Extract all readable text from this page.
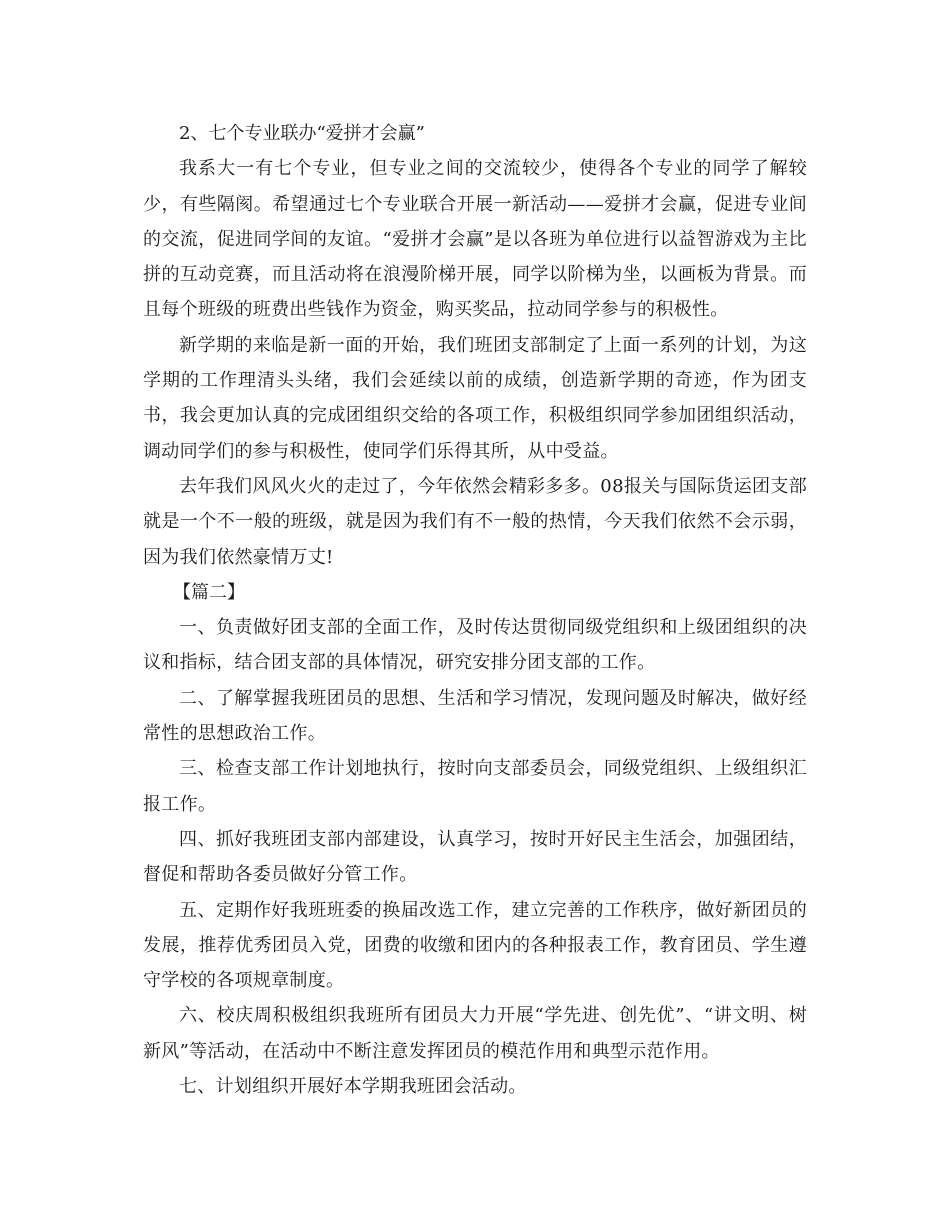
2、七个专业联办“爱拼才会赢”

我系大一有七个专业，但专业之间的交流较少，使得各个专业的同学了解较少，有些隔阂。希望通过七个专业联合开展一新活动——爱拼才会赢，促进专业间的交流，促进同学间的友谊。“爱拼才会赢”是以各班为单位进行以益智游戏为主比拼的互动竞赛，而且活动将在浪漫阶梯开展，同学以阶梯为坐，以画板为背景。而且每个班级的班费出些钱作为资金，购买奖品，拉动同学参与的积极性。

新学期的来临是新一面的开始，我们班团支部制定了上面一系列的计划，为这学期的工作理清头头绪，我们会延续以前的成绩，创造新学期的奇迹，作为团支书，我会更加认真的完成团组织交给的各项工作，积极组织同学参加团组织活动，调动同学们的参与积极性，使同学们乐得其所，从中受益。

去年我们风风火火的走过了，今年依然会精彩多多。08报关与国际货运团支部就是一个不一般的班级，就是因为我们有不一般的热情，今天我们依然不会示弱，因为我们依然豪情万丈!

【篇二】

一、负责做好团支部的全面工作，及时传达贯彻同级党组织和上级团组织的决议和指标，结合团支部的具体情况，研究安排分团支部的工作。

二、了解掌握我班团员的思想、生活和学习情况，发现问题及时解决，做好经常性的思想政治工作。

三、检查支部工作计划地执行，按时向支部委员会，同级党组织、上级组织汇报工作。

四、抓好我班团支部内部建设，认真学习，按时开好民主生活会，加强团结，督促和帮助各委员做好分管工作。

五、定期作好我班班委的换届改选工作，建立完善的工作秩序，做好新团员的发展，推荐优秀团员入党，团费的收缴和团内的各种报表工作，教育团员、学生遵守学校的各项规章制度。

六、校庆周积极组织我班所有团员大力开展“学先进、创先优”、“讲文明、树新风”等活动，在活动中不断注意发挥团员的模范作用和典型示范作用。

七、计划组织开展好本学期我班团会活动。
